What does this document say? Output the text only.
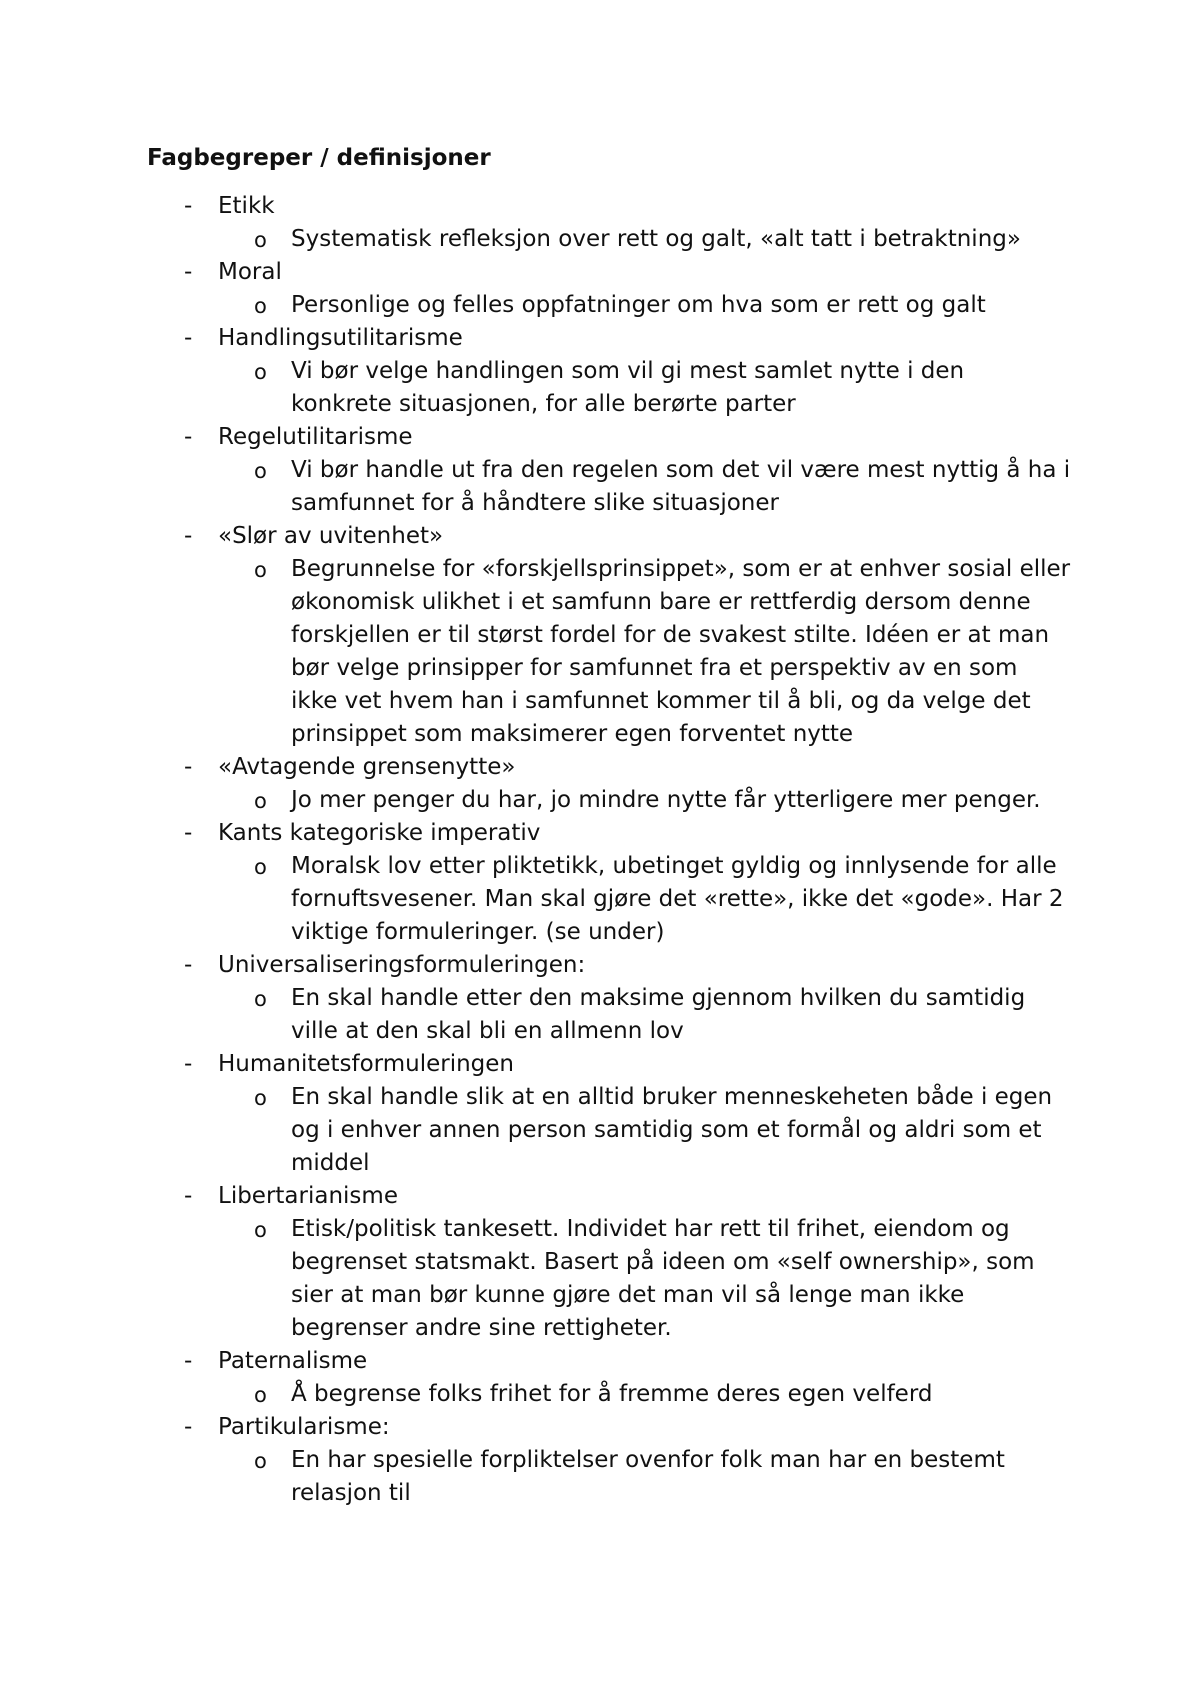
Fagbegreper / definisjoner
-	Etikk
o Systematisk refleksjon over rett og galt, «alt tatt i betraktning»
-	Moral
o Personlige og felles oppfatninger om hva som er rett og galt
-	Handlingsutilitarisme
o Vi bør velge handlingen som vil gi mest samlet nytte i den konkrete situasjonen, for alle berørte parter
-	Regelutilitarisme
o Vi bør handle ut fra den regelen som det vil være mest nyttig å ha i samfunnet for å håndtere slike situasjoner
-	«Slør av uvitenhet»
o Begrunnelse for «forskjellsprinsippet», som er at enhver sosial eller økonomisk ulikhet i et samfunn bare er rettferdig dersom denne forskjellen er til størst fordel for de svakest stilte. Idéen er at man bør velge prinsipper for samfunnet fra et perspektiv av en som ikke vet hvem han i samfunnet kommer til å bli, og da velge det prinsippet som maksimerer egen forventet nytte
-	«Avtagende grensenytte»
o Jo mer penger du har, jo mindre nytte får ytterligere mer penger.
-	Kants kategoriske imperativ
o Moralsk lov etter pliktetikk, ubetinget gyldig og innlysende for alle fornuftsvesener. Man skal gjøre det «rette», ikke det «gode». Har 2 viktige formuleringer. (se under)
-	Universaliseringsformuleringen:
o En skal handle etter den maksime gjennom hvilken du samtidig ville at den skal bli en allmenn lov
-	Humanitetsformuleringen
o En skal handle slik at en alltid bruker menneskeheten både i egen og i enhver annen person samtidig som et formål og aldri som et middel
-	Libertarianisme
o Etisk/politisk tankesett. Individet har rett til frihet, eiendom og begrenset statsmakt. Basert på ideen om «self ownership», som sier at man bør kunne gjøre det man vil så lenge man ikke begrenser andre sine rettigheter.
-	Paternalisme
o Å begrense folks frihet for å fremme deres egen velferd
-	Partikularisme:
o En har spesielle forpliktelser ovenfor folk man har en bestemt relasjon til
